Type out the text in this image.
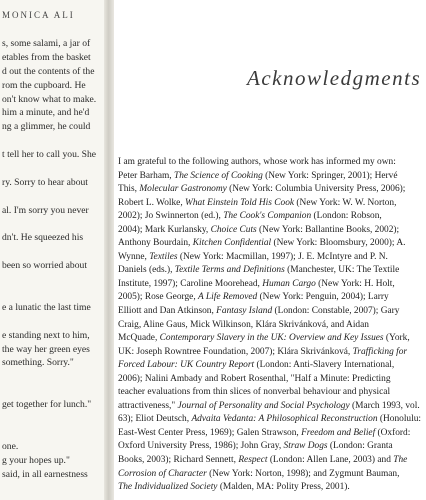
MONICA ALI
s, some salami, a jar of
etables from the basket
d out the contents of the
rom the cupboard. He
on't know what to make.
him a minute, and he'd
ng a glimmer, he could
t tell her to call you. She
ry. Sorry to hear about
al. I'm sorry you never
dn't. He squeezed his
been so worried about
e a lunatic the last time
e standing next to him,
the way her green eyes
something. Sorry."
get together for lunch."
one.
g your hopes up."
said, in all earnestness
Acknowledgments
I am grateful to the following authors, whose work has informed my own:
Peter Barham, The Science of Cooking (New York: Springer, 2001); Hervé
This, Molecular Gastronomy (New York: Columbia University Press, 2006);
Robert L. Wolke, What Einstein Told His Cook (New York: W. W. Norton,
2002); Jo Swinnerton (ed.), The Cook's Companion (London: Robson,
2004); Mark Kurlansky, Choice Cuts (New York: Ballantine Books, 2002);
Anthony Bourdain, Kitchen Confidential (New York: Bloomsbury, 2000); A.
Wynne, Textiles (New York: Macmillan, 1997); J. E. McIntyre and P. N.
Daniels (eds.), Textile Terms and Definitions (Manchester, UK: The Textile
Institute, 1997); Caroline Moorehead, Human Cargo (New York: H. Holt,
2005); Rose George, A Life Removed (New York: Penguin, 2004); Larry
Elliott and Dan Atkinson, Fantasy Island (London: Constable, 2007); Gary
Craig, Aline Gaus, Mick Wilkinson, Klára Skrivánková, and Aidan
McQuade, Contemporary Slavery in the UK: Overview and Key Issues (York,
UK: Joseph Rowntree Foundation, 2007); Klára Skrivánková, Trafficking for
Forced Labour: UK Country Report (London: Anti-Slavery International,
2006); Nalini Ambady and Robert Rosenthal, "Half a Minute: Predicting
teacher evaluations from thin slices of nonverbal behaviour and physical
attractiveness," Journal of Personality and Social Psychology (March 1993, vol.
63); Eliot Deutsch, Advaita Vedanta: A Philosophical Reconstruction (Honolulu:
East-West Center Press, 1969); Galen Strawson, Freedom and Belief (Oxford:
Oxford University Press, 1986); John Gray, Straw Dogs (London: Granta
Books, 2003); Richard Sennett, Respect (London: Allen Lane, 2003) and The
Corrosion of Character (New York: Norton, 1998); and Zygmunt Bauman,
The Individualized Society (Malden, MA: Polity Press, 2001).
